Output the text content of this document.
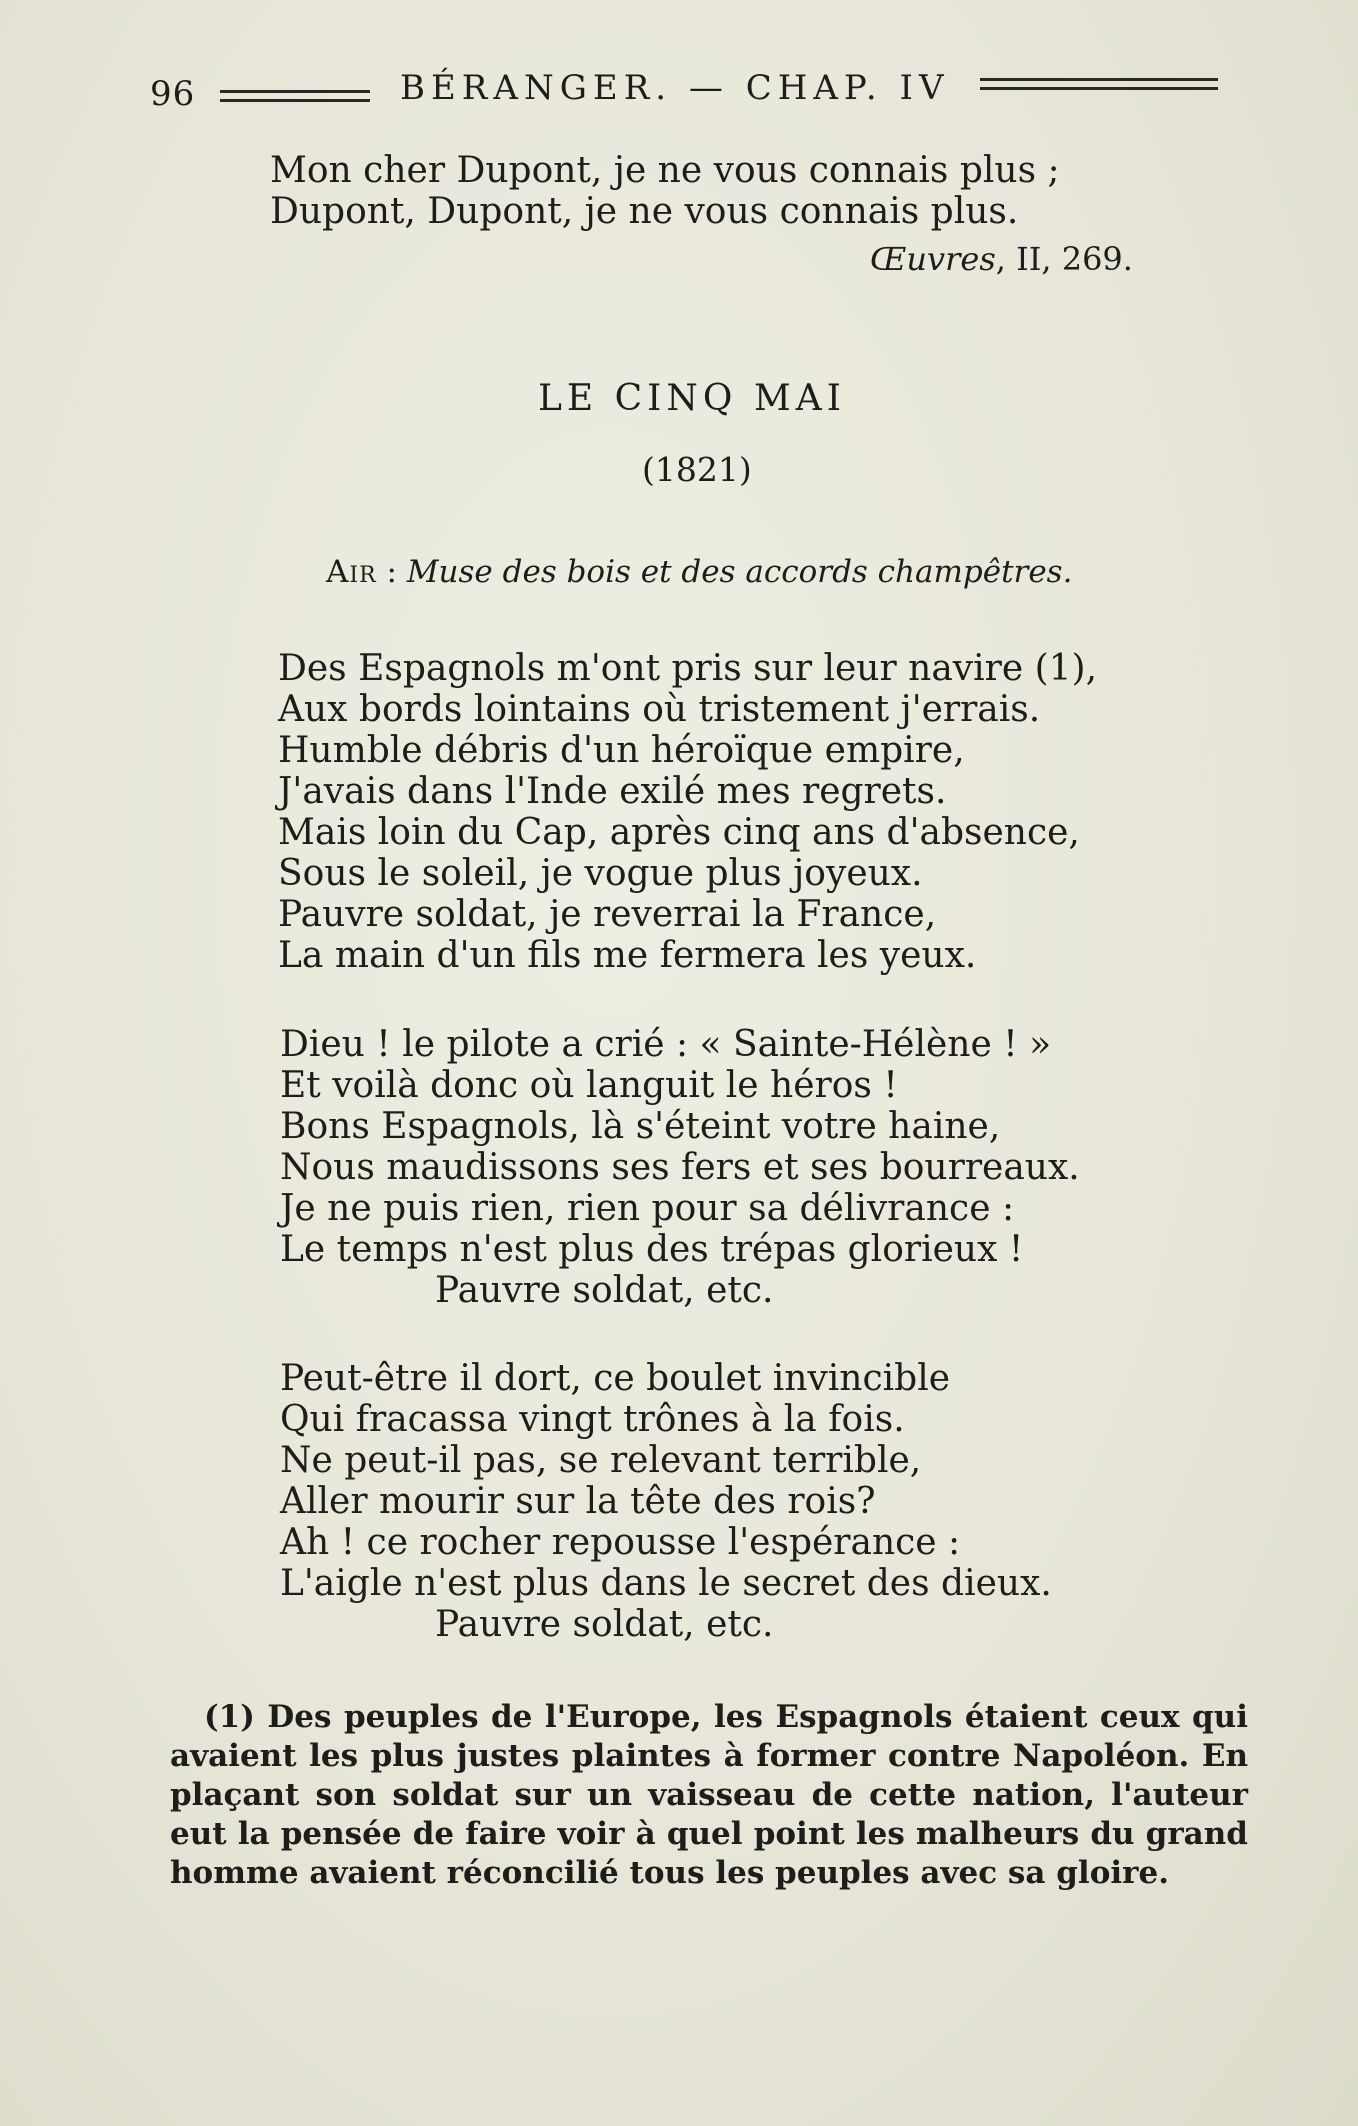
96	BÉRANGER. — CHAP. IV
Mon cher Dupont, je ne vous connais plus ;
Dupont, Dupont, je ne vous connais plus.
Œuvres, II, 269.
LE CINQ MAI
(1821)
Air : Muse des bois et des accords champêtres.
Des Espagnols m'ont pris sur leur navire (1),
Aux bords lointains où tristement j'errais.
Humble débris d'un héroïque empire,
J'avais dans l'Inde exilé mes regrets.
Mais loin du Cap, après cinq ans d'absence,
Sous le soleil, je vogue plus joyeux.
Pauvre soldat, je reverrai la France,
La main d'un fils me fermera les yeux.
Dieu ! le pilote a crié : « Sainte-Hélène ! »
Et voilà donc où languit le héros !
Bons Espagnols, là s'éteint votre haine,
Nous maudissons ses fers et ses bourreaux.
Je ne puis rien, rien pour sa délivrance :
Le temps n'est plus des trépas glorieux !
Pauvre soldat, etc.
Peut-être il dort, ce boulet invincible
Qui fracassa vingt trônes à la fois.
Ne peut-il pas, se relevant terrible,
Aller mourir sur la tête des rois?
Ah ! ce rocher repousse l'espérance :
L'aigle n'est plus dans le secret des dieux.
Pauvre soldat, etc.
(1) Des peuples de l'Europe, les Espagnols étaient ceux qui avaient les plus justes plaintes à former contre Napoléon. En plaçant son soldat sur un vaisseau de cette nation, l'auteur eut la pensée de faire voir à quel point les malheurs du grand homme avaient réconcilié tous les peuples avec sa gloire.
